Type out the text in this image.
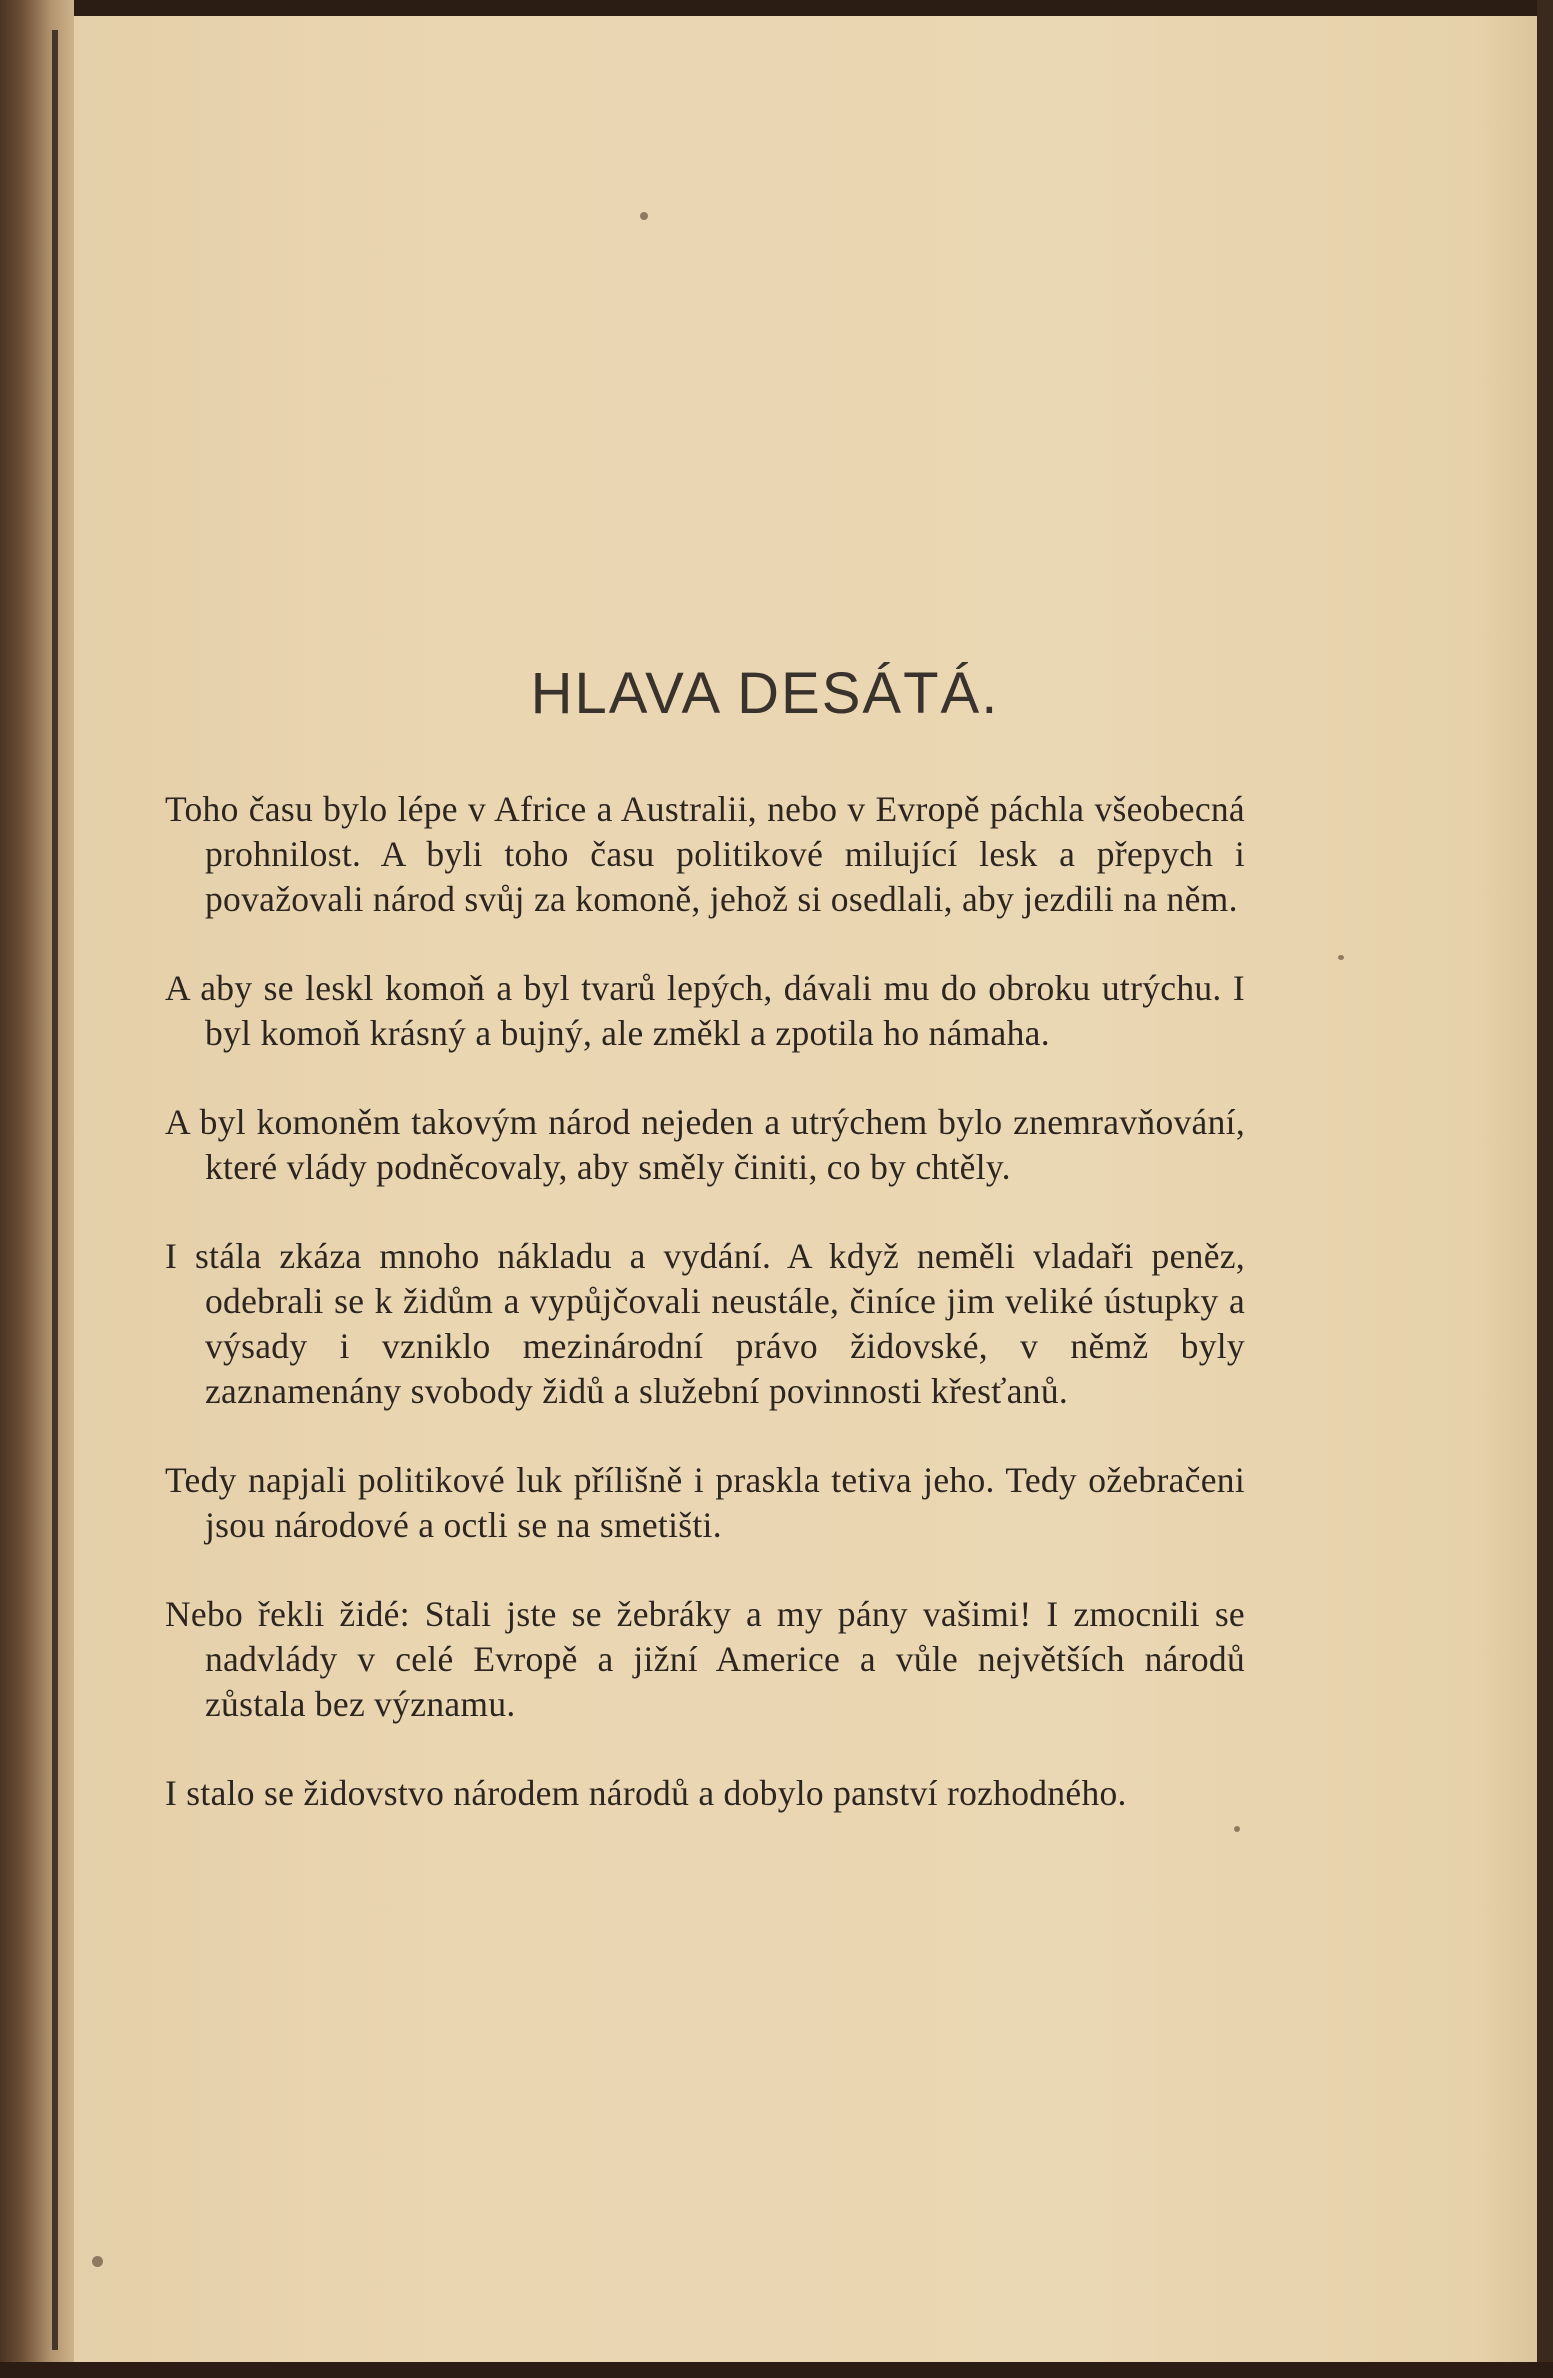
HLAVA DESÁTÁ.

Toho času bylo lépe v Africe a Australii, nebo v Evropě páchla všeobecná prohnilost. A byli toho času politikové milující lesk a přepych i považovali národ svůj za komoně, jehož si osedlali, aby jezdili na něm.

A aby se leskl komoň a byl tvarů lepých, dávali mu do obroku utrýchu. I byl komoň krásný a bujný, ale změkl a zpotila ho námaha.

A byl komoněm takovým národ nejeden a utrýchem bylo znemravňování, které vlády podněcovaly, aby směly činiti, co by chtěly.

I stála zkáza mnoho nákladu a vydání. A když neměli vladaři peněz, odebrali se k židům a vypůjčovali neustále, činíce jim veliké ústupky a výsady i vzniklo mezinárodní právo židovské, v němž byly zaznamenány svobody židů a služební povinnosti křesťanů.

Tedy napjali politikové luk přílišně i praskla tetiva jeho. Tedy ožebračeni jsou národové a octli se na smetišti.

Nebo řekli židé: Stali jste se žebráky a my pány vašimi! I zmocnili se nadvlády v celé Evropě a jižní Americe a vůle největších národů zůstala bez významu.

I stalo se židovstvo národem národů a dobylo panství rozhodného.
